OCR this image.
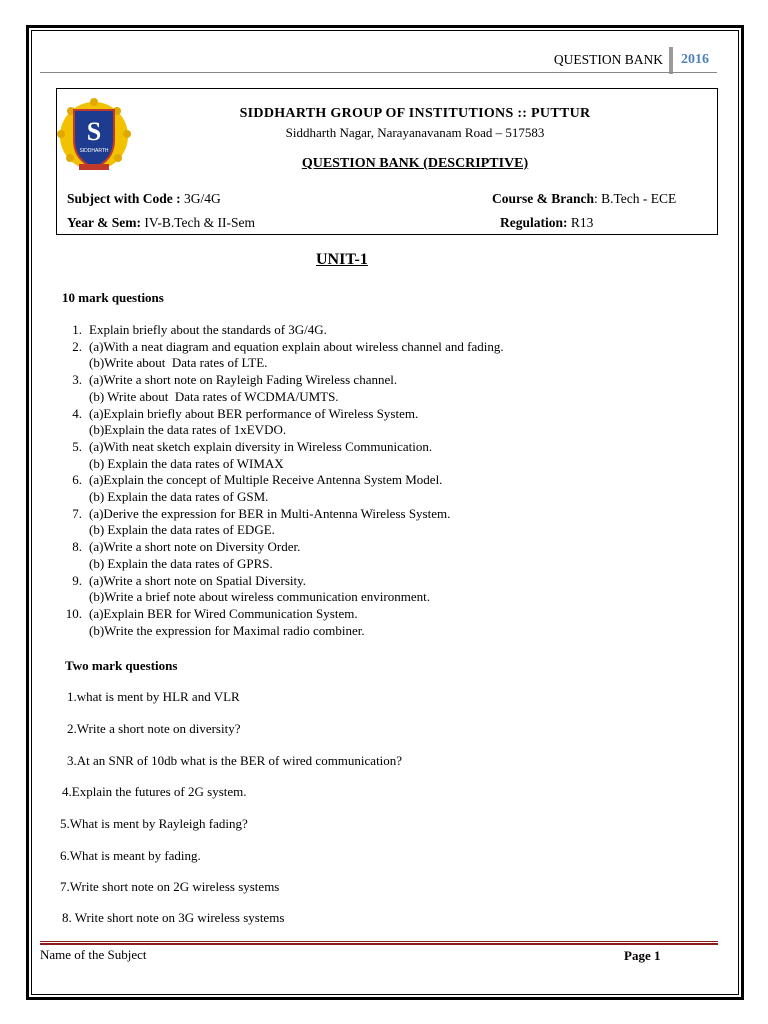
QUESTION BANK	2016
S
SIDDHARTH
SIDDHARTH GROUP OF INSTITUTIONS :: PUTTUR
Siddharth Nagar, Narayanavanam Road – 517583
QUESTION BANK (DESCRIPTIVE)
Subject with Code : 3G/4G	Course & Branch: B.Tech - ECE
Year & Sem: IV-B.Tech & II-Sem	Regulation: R13
UNIT-1
10 mark questions
1. Explain briefly about the standards of 3G/4G.
2. (a)With a neat diagram and equation explain about wireless channel and fading.
(b)Write about  Data rates of LTE.
3. (a)Write a short note on Rayleigh Fading Wireless channel.
(b) Write about  Data rates of WCDMA/UMTS.
4. (a)Explain briefly about BER performance of Wireless System.
(b)Explain the data rates of 1xEVDO.
5. (a)With neat sketch explain diversity in Wireless Communication.
(b) Explain the data rates of WIMAX
6. (a)Explain the concept of Multiple Receive Antenna System Model.
(b) Explain the data rates of GSM.
7. (a)Derive the expression for BER in Multi-Antenna Wireless System.
(b) Explain the data rates of EDGE.
8. (a)Write a short note on Diversity Order.
(b) Explain the data rates of GPRS.
9. (a)Write a short note on Spatial Diversity.
(b)Write a brief note about wireless communication environment.
10. (a)Explain BER for Wired Communication System.
(b)Write the expression for Maximal radio combiner.
Two mark questions
1.what is ment by HLR and VLR
2.Write a short note on diversity?
3.At an SNR of 10db what is the BER of wired communication?
4.Explain the futures of 2G system.
5.What is ment by Rayleigh fading?
6.What is meant by fading.
7.Write short note on 2G wireless systems
8. Write short note on 3G wireless systems
Name of the Subject	Page 1
